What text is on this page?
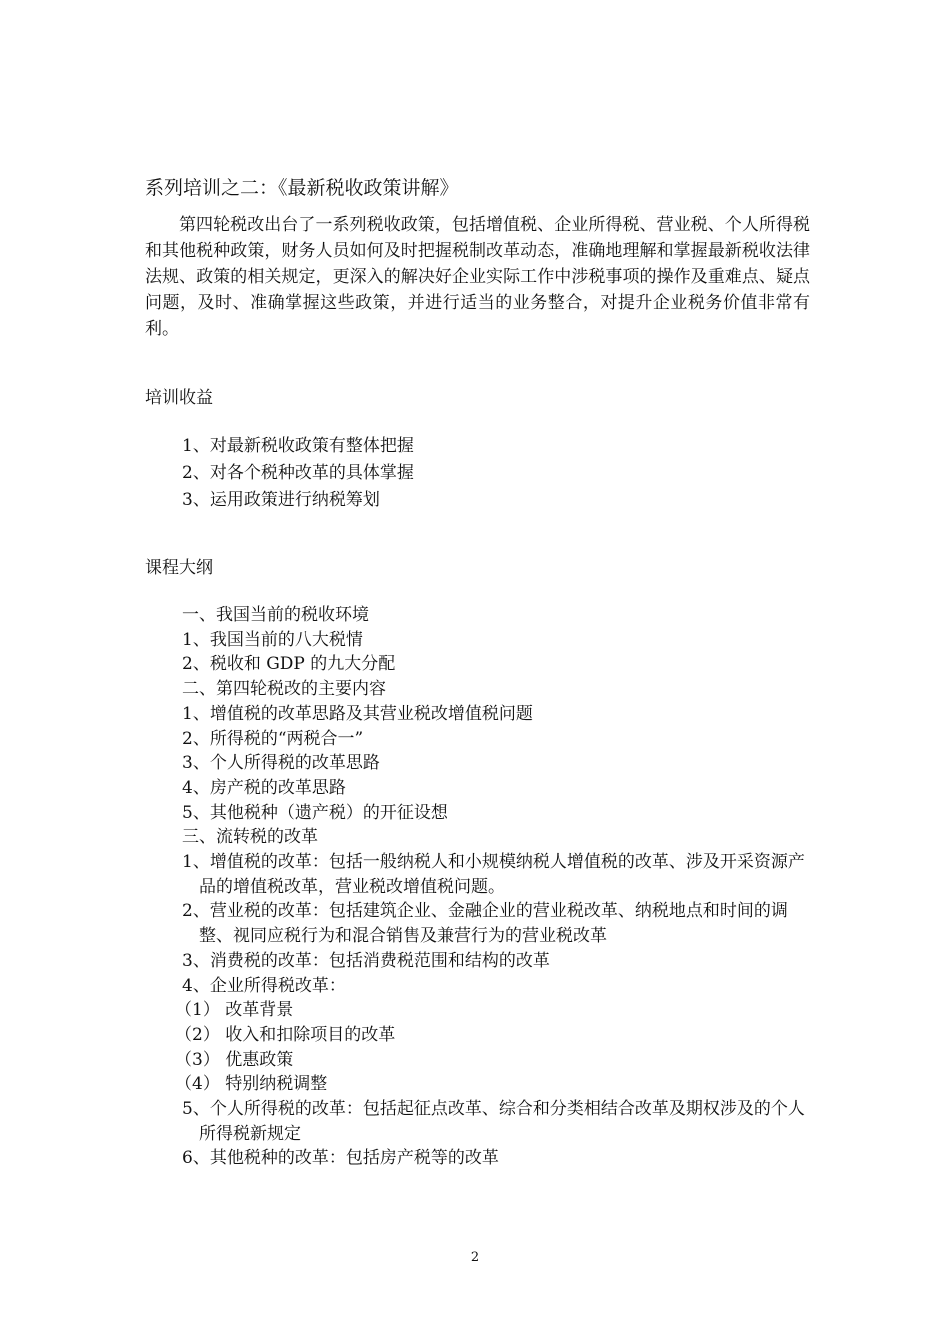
系列培训之二：《最新税收政策讲解》

第四轮税改出台了一系列税收政策，包括增值税、企业所得税、营业税、个人所得税和其他税种政策，财务人员如何及时把握税制改革动态，准确地理解和掌握最新税收法律法规、政策的相关规定，更深入的解决好企业实际工作中涉税事项的操作及重难点、疑点问题，及时、准确掌握这些政策，并进行适当的业务整合，对提升企业税务价值非常有利。

培训收益
1、对最新税收政策有整体把握
2、对各个税种改革的具体掌握
3、运用政策进行纳税筹划
课程大纲
一、我国当前的税收环境
1、我国当前的八大税情
2、税收和 GDP 的九大分配
二、第四轮税改的主要内容
1、增值税的改革思路及其营业税改增值税问题
2、所得税的“两税合一”
3、个人所得税的改革思路
4、房产税的改革思路
5、其他税种（遗产税）的开征设想
三、流转税的改革
1、增值税的改革：包括一般纳税人和小规模纳税人增值税的改革、涉及开采资源产品的增值税改革，营业税改增值税问题。
2、营业税的改革：包括建筑企业、金融企业的营业税改革、纳税地点和时间的调整、视同应税行为和混合销售及兼营行为的营业税改革
3、消费税的改革：包括消费税范围和结构的改革
4、企业所得税改革：
（1） 改革背景
（2） 收入和扣除项目的改革
（3） 优惠政策
（4） 特别纳税调整
5、个人所得税的改革：包括起征点改革、综合和分类相结合改革及期权涉及的个人所得税新规定
6、其他税种的改革：包括房产税等的改革
2
